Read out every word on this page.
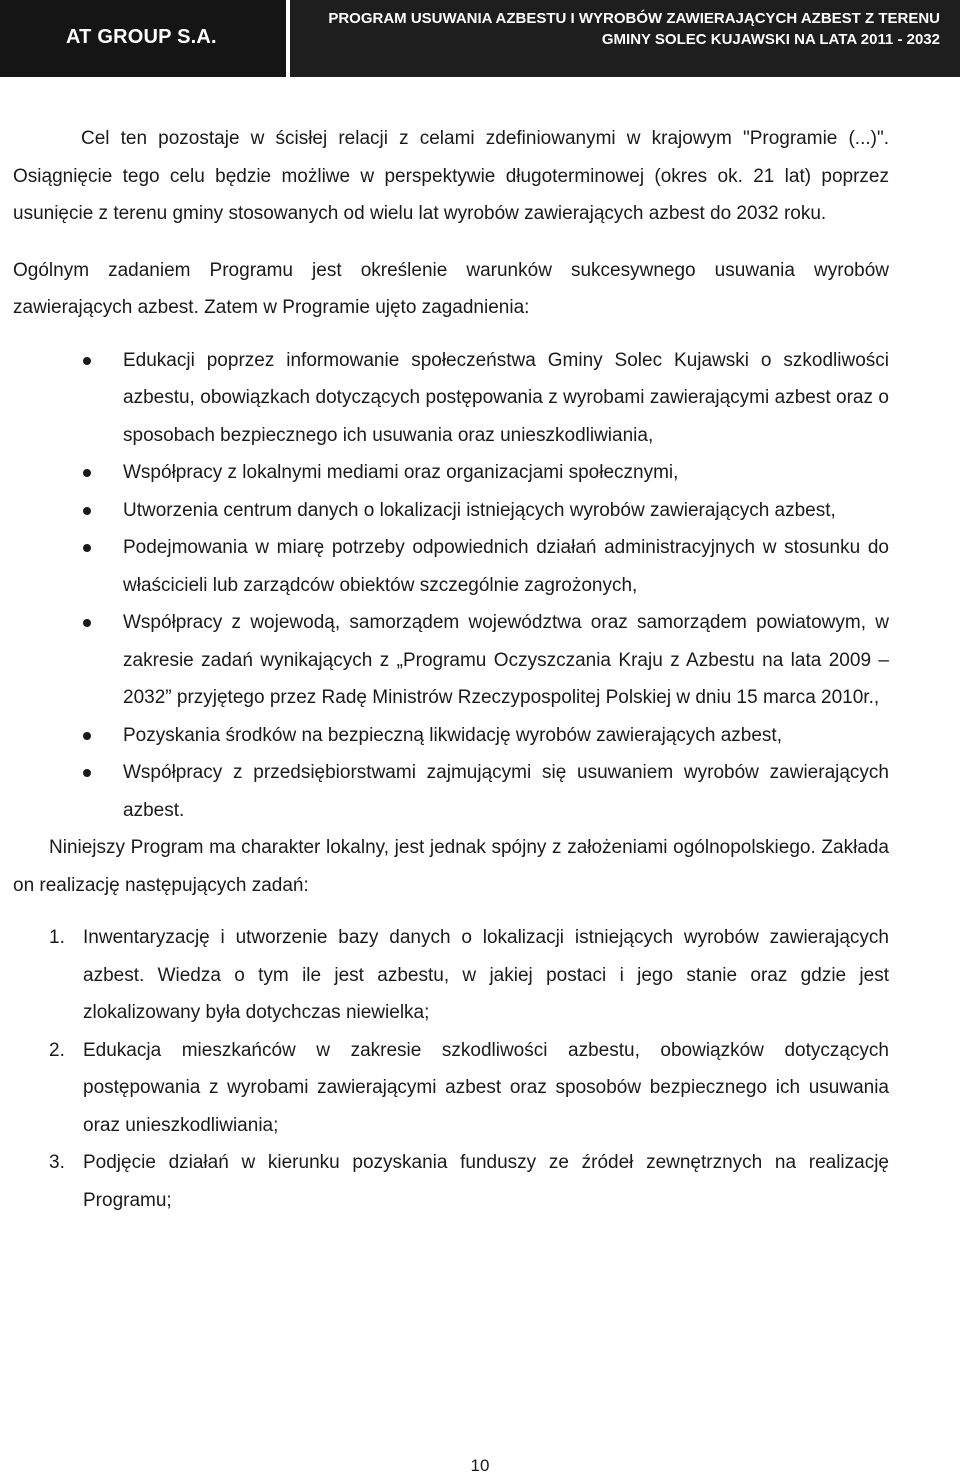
AT GROUP S.A.
PROGRAM USUWANIA AZBESTU I WYROBÓW ZAWIERAJĄCYCH AZBEST Z TERENU
GMINY SOLEC KUJAWSKI NA LATA 2011 - 2032

Cel ten pozostaje w ścisłej relacji z celami zdefiniowanymi w krajowym "Programie (...)". Osiągnięcie tego celu będzie możliwe w perspektywie długoterminowej (okres ok. 21 lat) poprzez usunięcie z terenu gminy stosowanych od wielu lat wyrobów zawierających azbest do 2032 roku.

Ogólnym zadaniem Programu jest określenie warunków sukcesywnego usuwania wyrobów zawierających azbest. Zatem w Programie ujęto zagadnienia:

Edukacji poprzez informowanie społeczeństwa Gminy Solec Kujawski o szkodliwości azbestu, obowiązkach dotyczących postępowania z wyrobami zawierającymi azbest oraz o sposobach bezpiecznego ich usuwania oraz unieszkodliwiania,
Współpracy z lokalnymi mediami oraz organizacjami społecznymi,
Utworzenia centrum danych o lokalizacji istniejących wyrobów zawierających azbest,
Podejmowania w miarę potrzeby odpowiednich działań administracyjnych w stosunku do właścicieli lub zarządców obiektów szczególnie zagrożonych,
Współpracy z wojewodą, samorządem województwa oraz samorządem powiatowym, w zakresie zadań wynikających z „Programu Oczyszczania Kraju z Azbestu na lata 2009 – 2032” przyjętego przez Radę Ministrów Rzeczypospolitej Polskiej w dniu 15 marca 2010r.,
Pozyskania środków na bezpieczną likwidację wyrobów zawierających azbest,
Współpracy z przedsiębiorstwami zajmującymi się usuwaniem wyrobów zawierających azbest.

Niniejszy Program ma charakter lokalny, jest jednak spójny z założeniami ogólnopolskiego. Zakłada on realizację następujących zadań:

1. Inwentaryzację i utworzenie bazy danych o lokalizacji istniejących wyrobów zawierających azbest. Wiedza o tym ile jest azbestu, w jakiej postaci i jego stanie oraz gdzie jest zlokalizowany była dotychczas niewielka;
2. Edukacja mieszkańców w zakresie szkodliwości azbestu, obowiązków dotyczących postępowania z wyrobami zawierającymi azbest oraz sposobów bezpiecznego ich usuwania oraz unieszkodliwiania;
3. Podjęcie działań w kierunku pozyskania funduszy ze źródeł zewnętrznych na realizację Programu;
10
